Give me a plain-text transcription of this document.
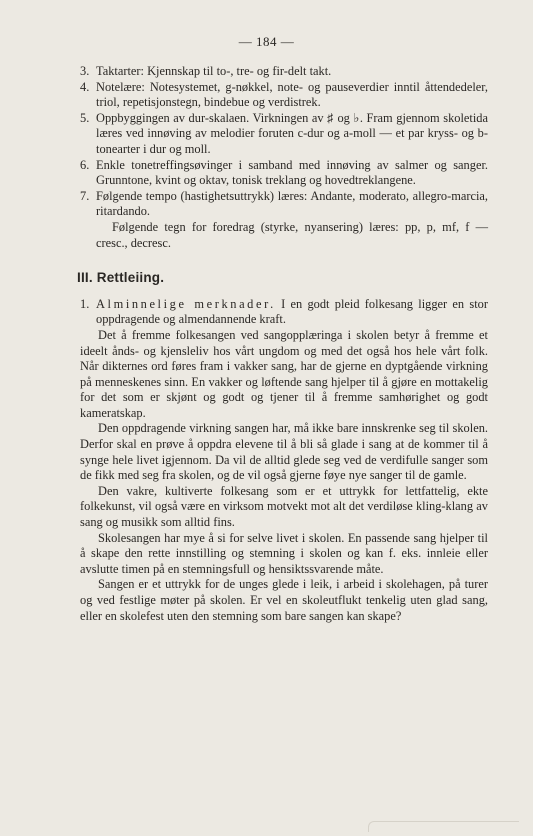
— 184 —
3. Taktarter: Kjennskap til to-, tre- og fir-delt takt.

4. Notelære: Notesystemet, g-nøkkel, note- og pauseverdier inntil åttendedeler, triol, repetisjonstegn, bindebue og verdistrek.

5. Oppbyggingen av dur-skalaen. Virkningen av ♯ og ♭. Fram gjennom skoletida læres ved innøving av melodier foruten c-dur og a-moll — et par kryss- og b-tonearter i dur og moll.

6. Enkle tonetreffingsøvinger i samband med innøving av salmer og sanger. Grunntone, kvint og oktav, tonisk treklang og hovedtreklangene.

7. Følgende tempo (hastighetsuttrykk) læres: Andante, moderato, allegro-marcia, ritardando.

Følgende tegn for foredrag (styrke, nyansering) læres: pp, p, mf, f — cresc., decresc.

III. Rettleiing.
1. Alminnelige merknader. I en godt pleid folkesang ligger en stor oppdragende og almendannende kraft.

Det å fremme folkesangen ved sangopplæringa i skolen betyr å fremme et ideelt ånds- og kjensleliv hos vårt ungdom og med det også hos hele vårt folk. Når dikternes ord føres fram i vakker sang, har de gjerne en dyptgående virkning på menneskenes sinn. En vakker og løftende sang hjelper til å gjøre en mottakelig for det som er skjønt og godt og tjener til å fremme samhørighet og godt kameratskap.

Den oppdragende virkning sangen har, må ikke bare innskrenke seg til skolen. Derfor skal en prøve å oppdra elevene til å bli så glade i sang at de kommer til å synge hele livet igjennom. Da vil de alltid glede seg ved de verdifulle sanger som de fikk med seg fra skolen, og de vil også gjerne føye nye sanger til de gamle.

Den vakre, kultiverte folkesang som er et uttrykk for lettfattelig, ekte folkekunst, vil også være en virksom motvekt mot alt det verdiløse kling-klang av sang og musikk som alltid fins.

Skolesangen har mye å si for selve livet i skolen. En passende sang hjelper til å skape den rette innstilling og stemning i skolen og kan f. eks. innleie eller avslutte timen på en stemningsfull og hensiktssvarende måte.

Sangen er et uttrykk for de unges glede i leik, i arbeid i skolehagen, på turer og ved festlige møter på skolen. Er vel en skoleutflukt tenkelig uten glad sang, eller en skolefest uten den stemning som bare sangen kan skape?
